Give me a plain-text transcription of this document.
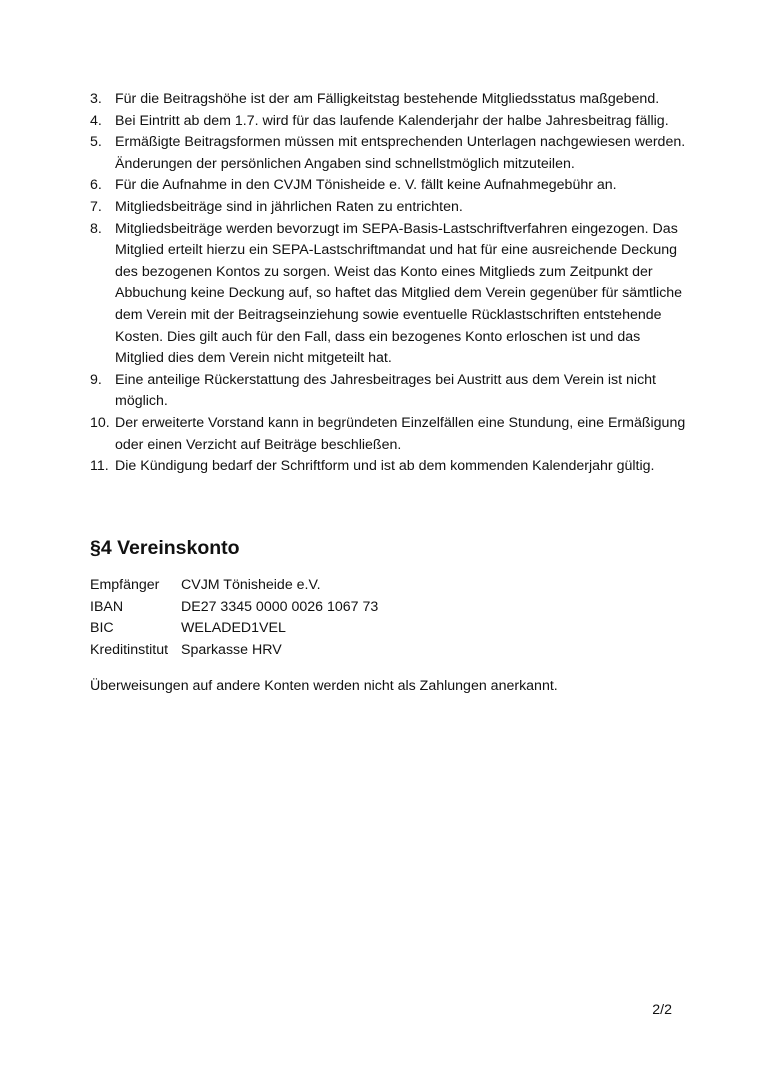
3. Für die Beitragshöhe ist der am Fälligkeitstag bestehende Mitgliedsstatus maßgebend.
4. Bei Eintritt ab dem 1.7. wird für das laufende Kalenderjahr der halbe Jahresbeitrag fällig.
5. Ermäßigte Beitragsformen müssen mit entsprechenden Unterlagen nachgewiesen werden. Änderungen der persönlichen Angaben sind schnellstmöglich mitzuteilen.
6. Für die Aufnahme in den CVJM Tönisheide e. V. fällt keine Aufnahmegebühr an.
7. Mitgliedsbeiträge sind in jährlichen Raten zu entrichten.
8. Mitgliedsbeiträge werden bevorzugt im SEPA-Basis-Lastschriftverfahren eingezogen. Das Mitglied erteilt hierzu ein SEPA-Lastschriftmandat und hat für eine ausreichende Deckung des bezogenen Kontos zu sorgen. Weist das Konto eines Mitglieds zum Zeitpunkt der Abbuchung keine Deckung auf, so haftet das Mitglied dem Verein gegenüber für sämtliche dem Verein mit der Beitragseinziehung sowie eventuelle Rücklastschriften entstehende Kosten. Dies gilt auch für den Fall, dass ein bezogenes Konto erloschen ist und das Mitglied dies dem Verein nicht mitgeteilt hat.
9. Eine anteilige Rückerstattung des Jahresbeitrages bei Austritt aus dem Verein ist nicht möglich.
10. Der erweiterte Vorstand kann in begründeten Einzelfällen eine Stundung, eine Ermäßigung oder einen Verzicht auf Beiträge beschließen.
11. Die Kündigung bedarf der Schriftform und ist ab dem kommenden Kalenderjahr gültig.
§4 Vereinskonto
Empfänger	CVJM Tönisheide e.V.
IBAN	DE27 3345 0000 0026 1067 73
BIC	WELADED1VEL
Kreditinstitut Sparkasse HRV

Überweisungen auf andere Konten werden nicht als Zahlungen anerkannt.

2/2
